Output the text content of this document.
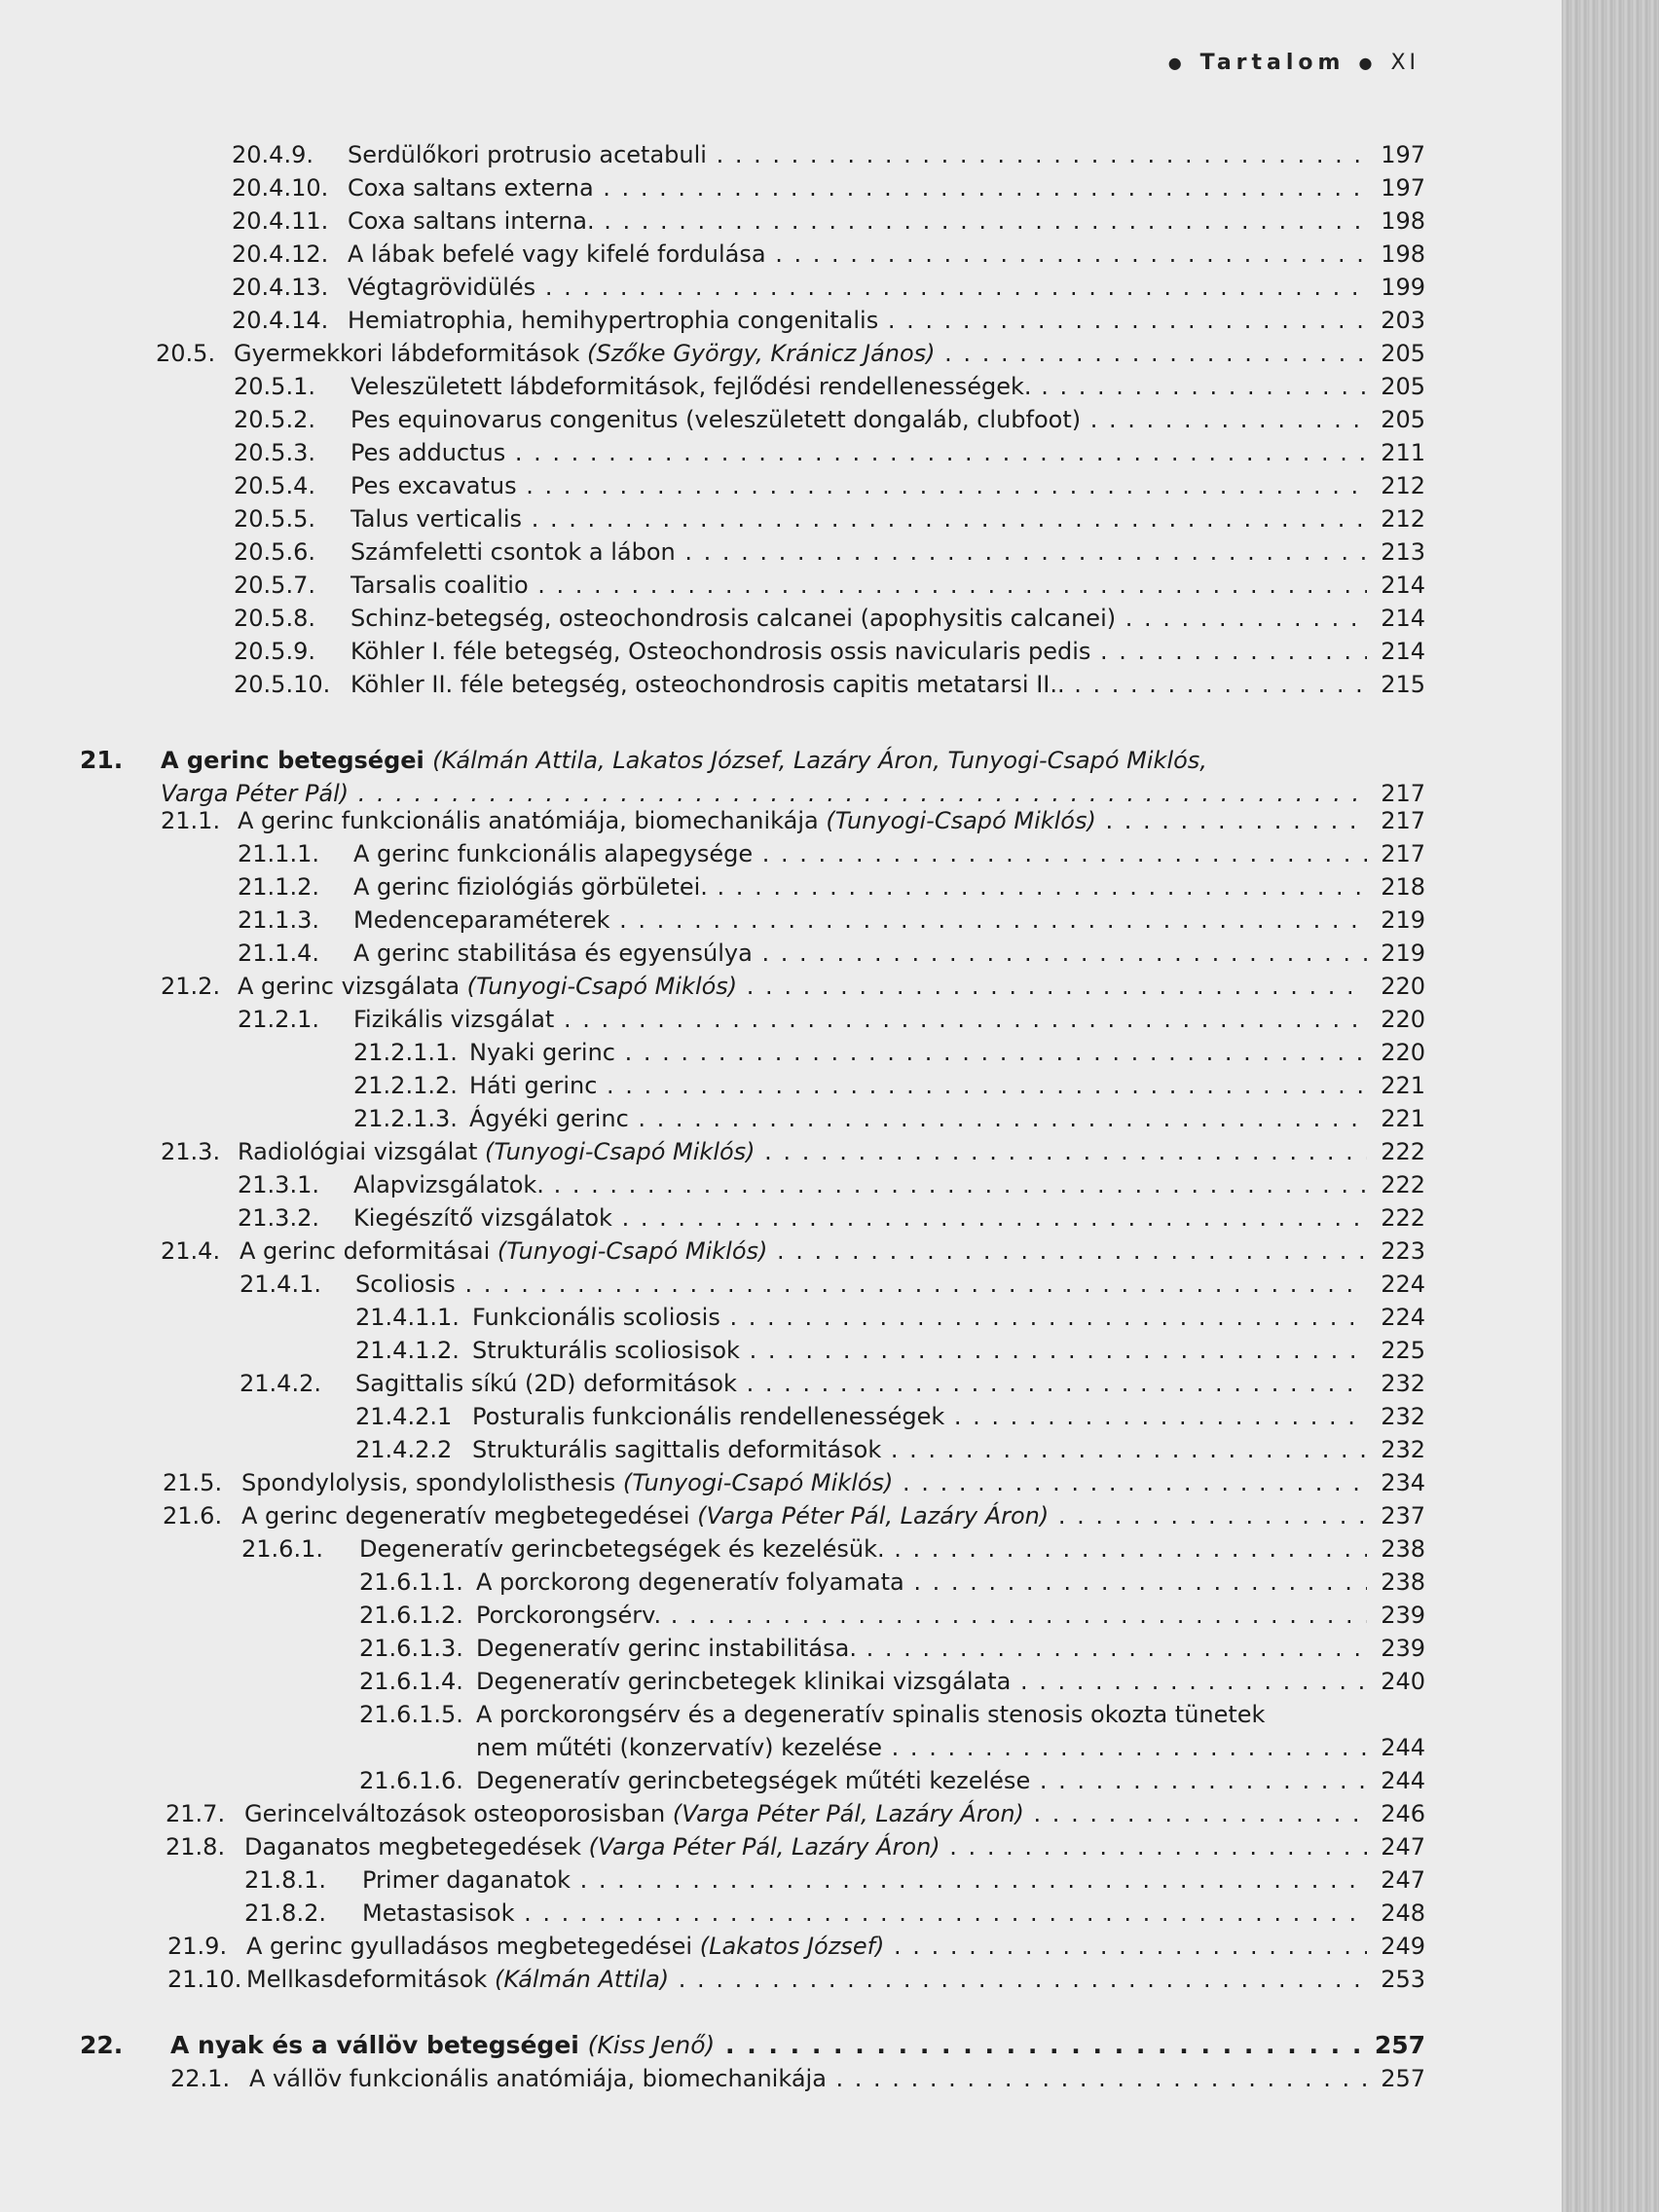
● Tartalom ● XI
20.4.9. Serdülőkori protrusio acetabuli . . .	197
20.4.10. Coxa saltans externa . . .	197
20.4.11. Coxa saltans interna. . . .	198
20.4.12. A lábak befelé vagy kifelé fordulása . . .	198
20.4.13. Végtagrövidülés . . .	199
20.4.14. Hemiatrophia, hemihypertrophia congenitalis . . .	203
20.5. Gyermekkori lábdeformitások (Szőke György, Kránicz János) . . .	205
20.5.1. Veleszületett lábdeformitások, fejlődési rendellenességek. . . .	205
20.5.2. Pes equinovarus congenitus (veleszületett dongaláb, clubfoot) . . .	205
20.5.3. Pes adductus . . .	211
20.5.4. Pes excavatus . . .	212
20.5.5. Talus verticalis . . .	212
20.5.6. Számfeletti csontok a lábon . . .	213
20.5.7. Tarsalis coalitio . . .	214
20.5.8. Schinz-betegség, osteochondrosis calcanei (apophysitis calcanei) . . .	214
20.5.9. Köhler I. féle betegség, Osteochondrosis ossis navicularis pedis . . .	214
20.5.10. Köhler II. féle betegség, osteochondrosis capitis metatarsi II.. . . .	215
21. A gerinc betegségei (Kálmán Attila, Lakatos József, Lazáry Áron, Tunyogi-Csapó Miklós,
Varga Péter Pál) . . .	217
21.1. A gerinc funkcionális anatómiája, biomechanikája (Tunyogi-Csapó Miklós) . . .	217
21.1.1. A gerinc funkcionális alapegysége . . .	217
21.1.2. A gerinc fiziológiás görbületei. . . .	218
21.1.3. Medenceparaméterek . . .	219
21.1.4. A gerinc stabilitása és egyensúlya . . .	219
21.2. A gerinc vizsgálata (Tunyogi-Csapó Miklós) . . .	220
21.2.1. Fizikális vizsgálat . . .	220
21.2.1.1. Nyaki gerinc . . .	220
21.2.1.2. Háti gerinc . . .	221
21.2.1.3. Ágyéki gerinc . . .	221
21.3. Radiológiai vizsgálat (Tunyogi-Csapó Miklós) . . .	222
21.3.1. Alapvizsgálatok. . . .	222
21.3.2. Kiegészítő vizsgálatok . . .	222
21.4. A gerinc deformitásai (Tunyogi-Csapó Miklós) . . .	223
21.4.1. Scoliosis . . .	224
21.4.1.1. Funkcionális scoliosis . . .	224
21.4.1.2. Strukturális scoliosisok . . .	225
21.4.2. Sagittalis síkú (2D) deformitások . . .	232
21.4.2.1 Posturalis funkcionális rendellenességek . . .	232
21.4.2.2 Strukturális sagittalis deformitások . . .	232
21.5. Spondylolysis, spondylolisthesis (Tunyogi-Csapó Miklós) . . .	234
21.6. A gerinc degeneratív megbetegedései (Varga Péter Pál, Lazáry Áron) . . .	237
21.6.1. Degeneratív gerincbetegségek és kezelésük. . . .	238
21.6.1.1. A porckorong degeneratív folyamata . . .	238
21.6.1.2. Porckorongsérv. . . .	239
21.6.1.3. Degeneratív gerinc instabilitása. . . .	239
21.6.1.4. Degeneratív gerincbetegek klinikai vizsgálata . . .	240
21.6.1.5. A porckorongsérv és a degeneratív spinalis stenosis okozta tünetek
nem műtéti (konzervatív) kezelése . . .	244
21.6.1.6. Degeneratív gerincbetegségek műtéti kezelése . . .	244
21.7. Gerincelváltozások osteoporosisban (Varga Péter Pál, Lazáry Áron) . . .	246
21.8. Daganatos megbetegedések (Varga Péter Pál, Lazáry Áron) . . .	247
21.8.1. Primer daganatok . . .	247
21.8.2. Metastasisok . . .	248
21.9. A gerinc gyulladásos megbetegedései (Lakatos József) . . .	249
21.10. Mellkasdeformitások (Kálmán Attila) . . .	253
22. A nyak és a vállöv betegségei (Kiss Jenő) . . .	257
22.1. A vállöv funkcionális anatómiája, biomechanikája . . .	257
